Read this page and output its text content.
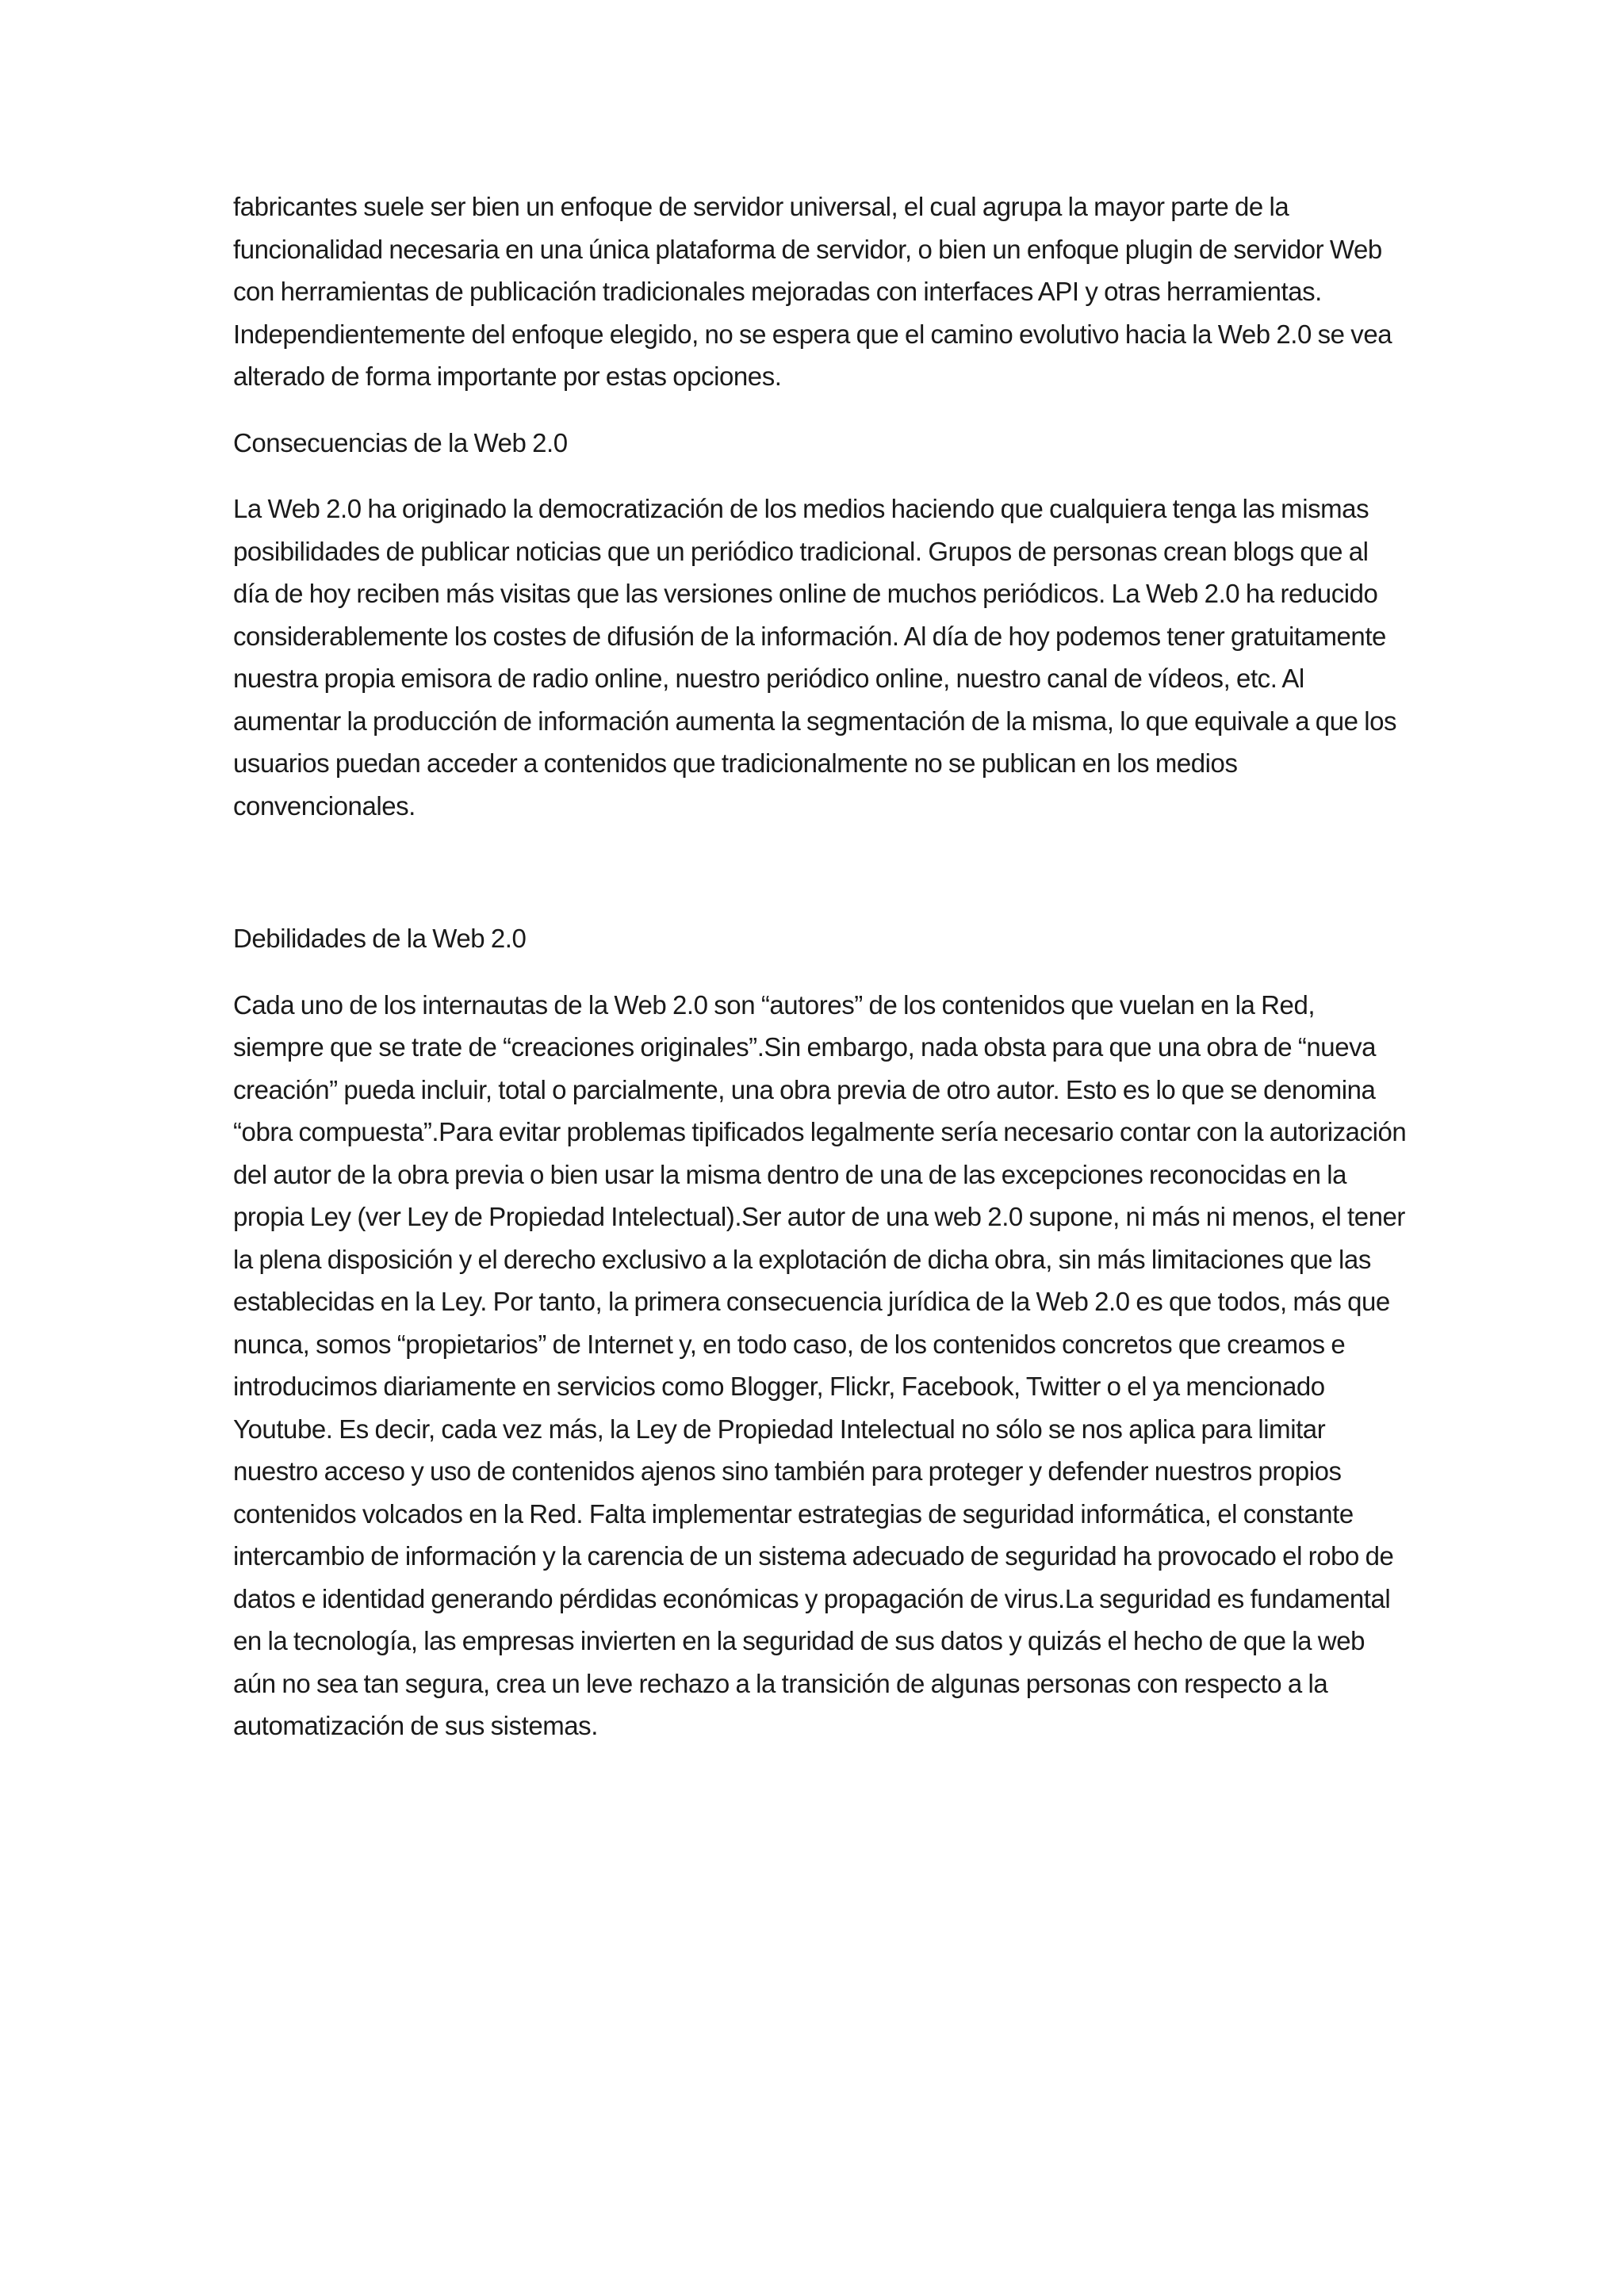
fabricantes suele ser bien un enfoque de servidor universal, el cual agrupa la mayor parte de la funcionalidad necesaria en una única plataforma de servidor, o bien un enfoque plugin de servidor Web con herramientas de publicación tradicionales mejoradas con interfaces API y otras herramientas. Independientemente del enfoque elegido, no se espera que el camino evolutivo hacia la Web 2.0 se vea alterado de forma importante por estas opciones.

Consecuencias de la Web 2.0

La Web 2.0 ha originado la democratización de los medios haciendo que cualquiera tenga las mismas posibilidades de publicar noticias que un periódico tradicional. Grupos de personas crean blogs que al día de hoy reciben más visitas que las versiones online de muchos periódicos. La Web 2.0 ha reducido considerablemente los costes de difusión de la información. Al día de hoy podemos tener gratuitamente nuestra propia emisora de radio online, nuestro periódico online, nuestro canal de vídeos, etc. Al aumentar la producción de información aumenta la segmentación de la misma, lo que equivale a que los usuarios puedan acceder a contenidos que tradicionalmente no se publican en los medios convencionales.

Debilidades de la Web 2.0

Cada uno de los internautas de la Web 2.0 son “autores” de los contenidos que vuelan en la Red, siempre que se trate de “creaciones originales”.Sin embargo, nada obsta para que una obra de “nueva creación” pueda incluir, total o parcialmente, una obra previa de otro autor. Esto es lo que se denomina “obra compuesta”.Para evitar problemas tipificados legalmente sería necesario contar con la autorización del autor de la obra previa o bien usar la misma dentro de una de las excepciones reconocidas en la propia Ley (ver Ley de Propiedad Intelectual).Ser autor de una web 2.0 supone, ni más ni menos, el tener la plena disposición y el derecho exclusivo a la explotación de dicha obra, sin más limitaciones que las establecidas en la Ley. Por tanto, la primera consecuencia jurídica de la Web 2.0 es que todos, más que nunca, somos “propietarios” de Internet y, en todo caso, de los contenidos concretos que creamos e introducimos diariamente en servicios como Blogger, Flickr, Facebook, Twitter o el ya mencionado Youtube. Es decir, cada vez más, la Ley de Propiedad Intelectual no sólo se nos aplica para limitar nuestro acceso y uso de contenidos ajenos sino también para proteger y defender nuestros propios contenidos volcados en la Red. Falta implementar estrategias de seguridad informática, el constante intercambio de información y la carencia de un sistema adecuado de seguridad ha provocado el robo de datos e identidad generando pérdidas económicas y propagación de virus.La seguridad es fundamental en la tecnología, las empresas invierten en la seguridad de sus datos y quizás el hecho de que la web aún no sea tan segura, crea un leve rechazo a la transición de algunas personas con respecto a la automatización de sus sistemas.
